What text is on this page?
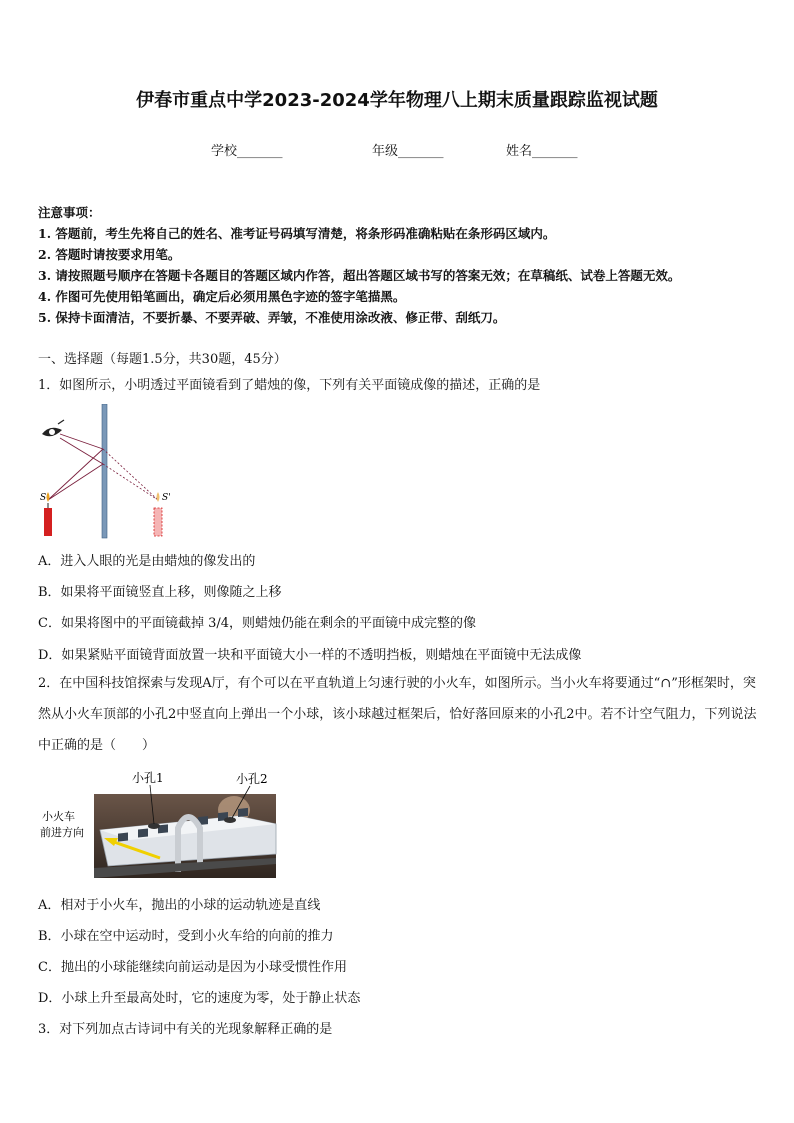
伊春市重点中学2023-2024学年物理八上期末质量跟踪监视试题
学校_______	年级_______	姓名_______
注意事项：
1. 答题前，考生先将自己的姓名、准考证号码填写清楚，将条形码准确粘贴在条形码区域内。
2. 答题时请按要求用笔。
3. 请按照题号顺序在答题卡各题目的答题区域内作答，超出答题区域书写的答案无效；在草稿纸、试卷上答题无效。
4. 作图可先使用铅笔画出，确定后必须用黑色字迹的签字笔描黑。
5. 保持卡面清洁，不要折暴、不要弄破、弄皱，不准使用涂改液、修正带、刮纸刀。
一、选择题（每题1.5分，共30题，45分）
1．如图所示，小明透过平面镜看到了蜡烛的像，下列有关平面镜成像的描述，正确的是
S	S'
A．进入人眼的光是由蜡烛的像发出的
B．如果将平面镜竖直上移，则像随之上移
C．如果将图中的平面镜截掉 3/4，则蜡烛仍能在剩余的平面镜中成完整的像
D．如果紧贴平面镜背面放置一块和平面镜大小一样的不透明挡板，则蜡烛在平面镜中无法成像
2．在中国科技馆探索与发现A厅，有个可以在平直轨道上匀速行驶的小火车，如图所示。当小火车将要通过“∩”形框架时，突然从小火车顶部的小孔2中竖直向上弹出一个小球，该小球越过框架后，恰好落回原来的小孔2中。若不计空气阻力，下列说法中正确的是（　　）
小孔1	小孔2
小火车
前进方向
A．相对于小火车，抛出的小球的运动轨迹是直线
B．小球在空中运动时，受到小火车给的向前的推力
C．抛出的小球能继续向前运动是因为小球受惯性作用
D．小球上升至最高处时，它的速度为零，处于静止状态
3．对下列加点古诗词中有关的光现象解释正确的是
